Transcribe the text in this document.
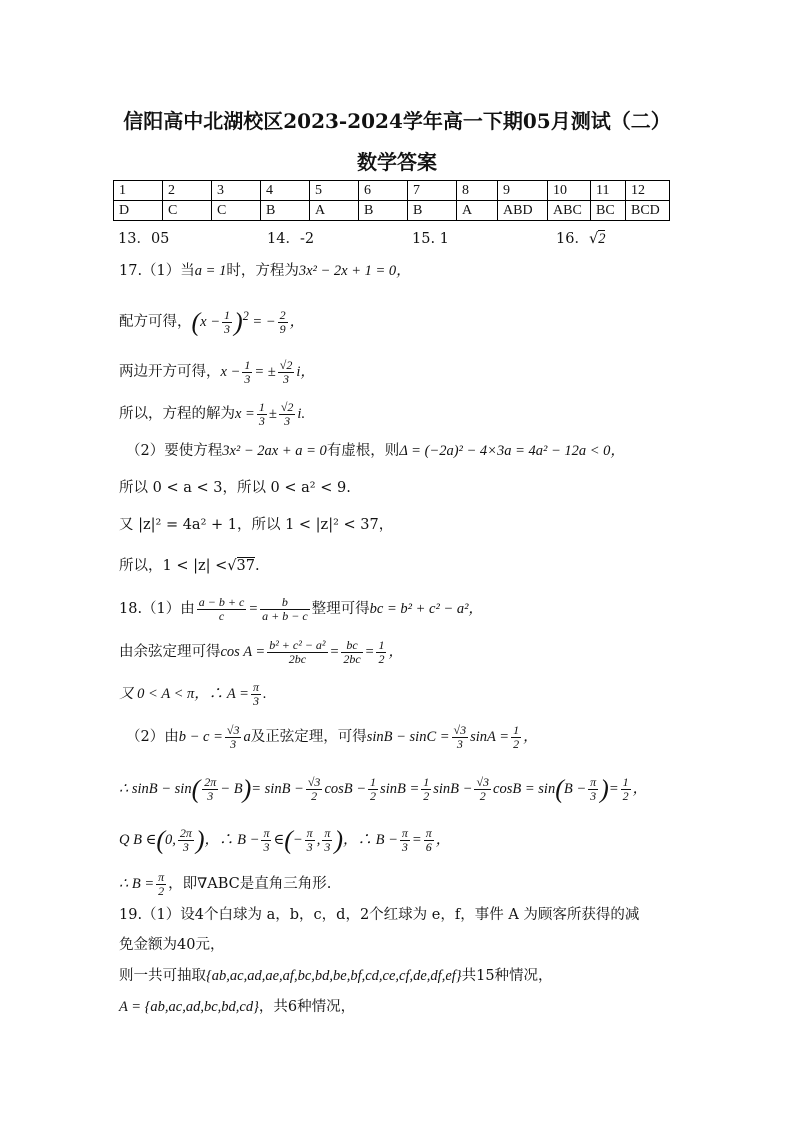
信阳高中北湖校区2023-2024学年高一下期05月测试（二）
数学答案
1	2	3	4	5	6	7	8	9	10	11	12
D	C	C	B	A	B	B	A	ABD	ABC	BC	BCD
13．05	14．-2	15. 1	16．√2
17.（1）当a = 1时，方程为3x² − 2x + 1 = 0，
配方可得，$(x - \frac{1}{3} )^2$ = − $\frac{2}{9}$ ，
两边开方可得，$x - \frac{1}{3}$ = ± $\frac{√2}{3}$ i，
所以，方程的解为$x = \frac{1}{3} \pm \frac{√2}{3} i$.
（2）要使方程3x² − 2ax + a = 0有虚根，则Δ = (−2a)² − 4×3a = 4a² − 12a < 0，
所以 0 < a < 3，所以 0 < a² < 9.
又 |z|² = 4a² + 1，所以 1 < |z|² < 37，
所以，1 < |z| <√37.
18.（1）由 $\frac{a - b + c}{c} = \frac{b}{a + b - c}$ 整理可得bc = b² + c² − a²，
由余弦定理可得$\cos A = \frac{\text{b² + c² − a²}}{2bc} = \frac{bc}{2bc} = \frac{1}{2}$ ，
又 0 < A < π，∴ $A = \frac{\pi}{3}$ .
（2）由$b - c = \frac{√3}{3}$ a及正弦定理，可得$\sin B - \sin C = \frac{√3}{3}$ $\sin A = \frac{1}{2}$ ，
∴ $\sin B - \sin( \frac{2\pi}{3} - B)= \sin B - \frac{√3}{2}$ $\cos B - \frac{1}{2}$ $\sin B = \frac{1}{2}$ $\sin B - \frac{√3}{2}$ $\cos B = \sin(B - \frac{\pi}{3}$ )= $\frac{1}{2}$ ，
Q B ∈(0, $\frac{2\pi}{3}$ )，∴ $B - \frac{\pi}{3}$ ∈(− $\frac{\pi}{3}$ , $\frac{\pi}{3}$ )，∴ $B - \frac{\pi}{3} = \frac{\pi}{6}$ ，
∴ $B = \frac{\pi}{2}$ ，即∇ABC是直角三角形.
19.（1）设4个白球为 a，b，c，d，2个红球为 e，f，事件 A 为顾客所获得的减
免金额为40元，
则一共可抽取{ab,ac,ad,ae,af,bc,bd,be,bf,cd,ce,cf,de,df,ef}共15种情况，
A = {ab,ac,ad,bc,bd,cd}，共6种情况，
